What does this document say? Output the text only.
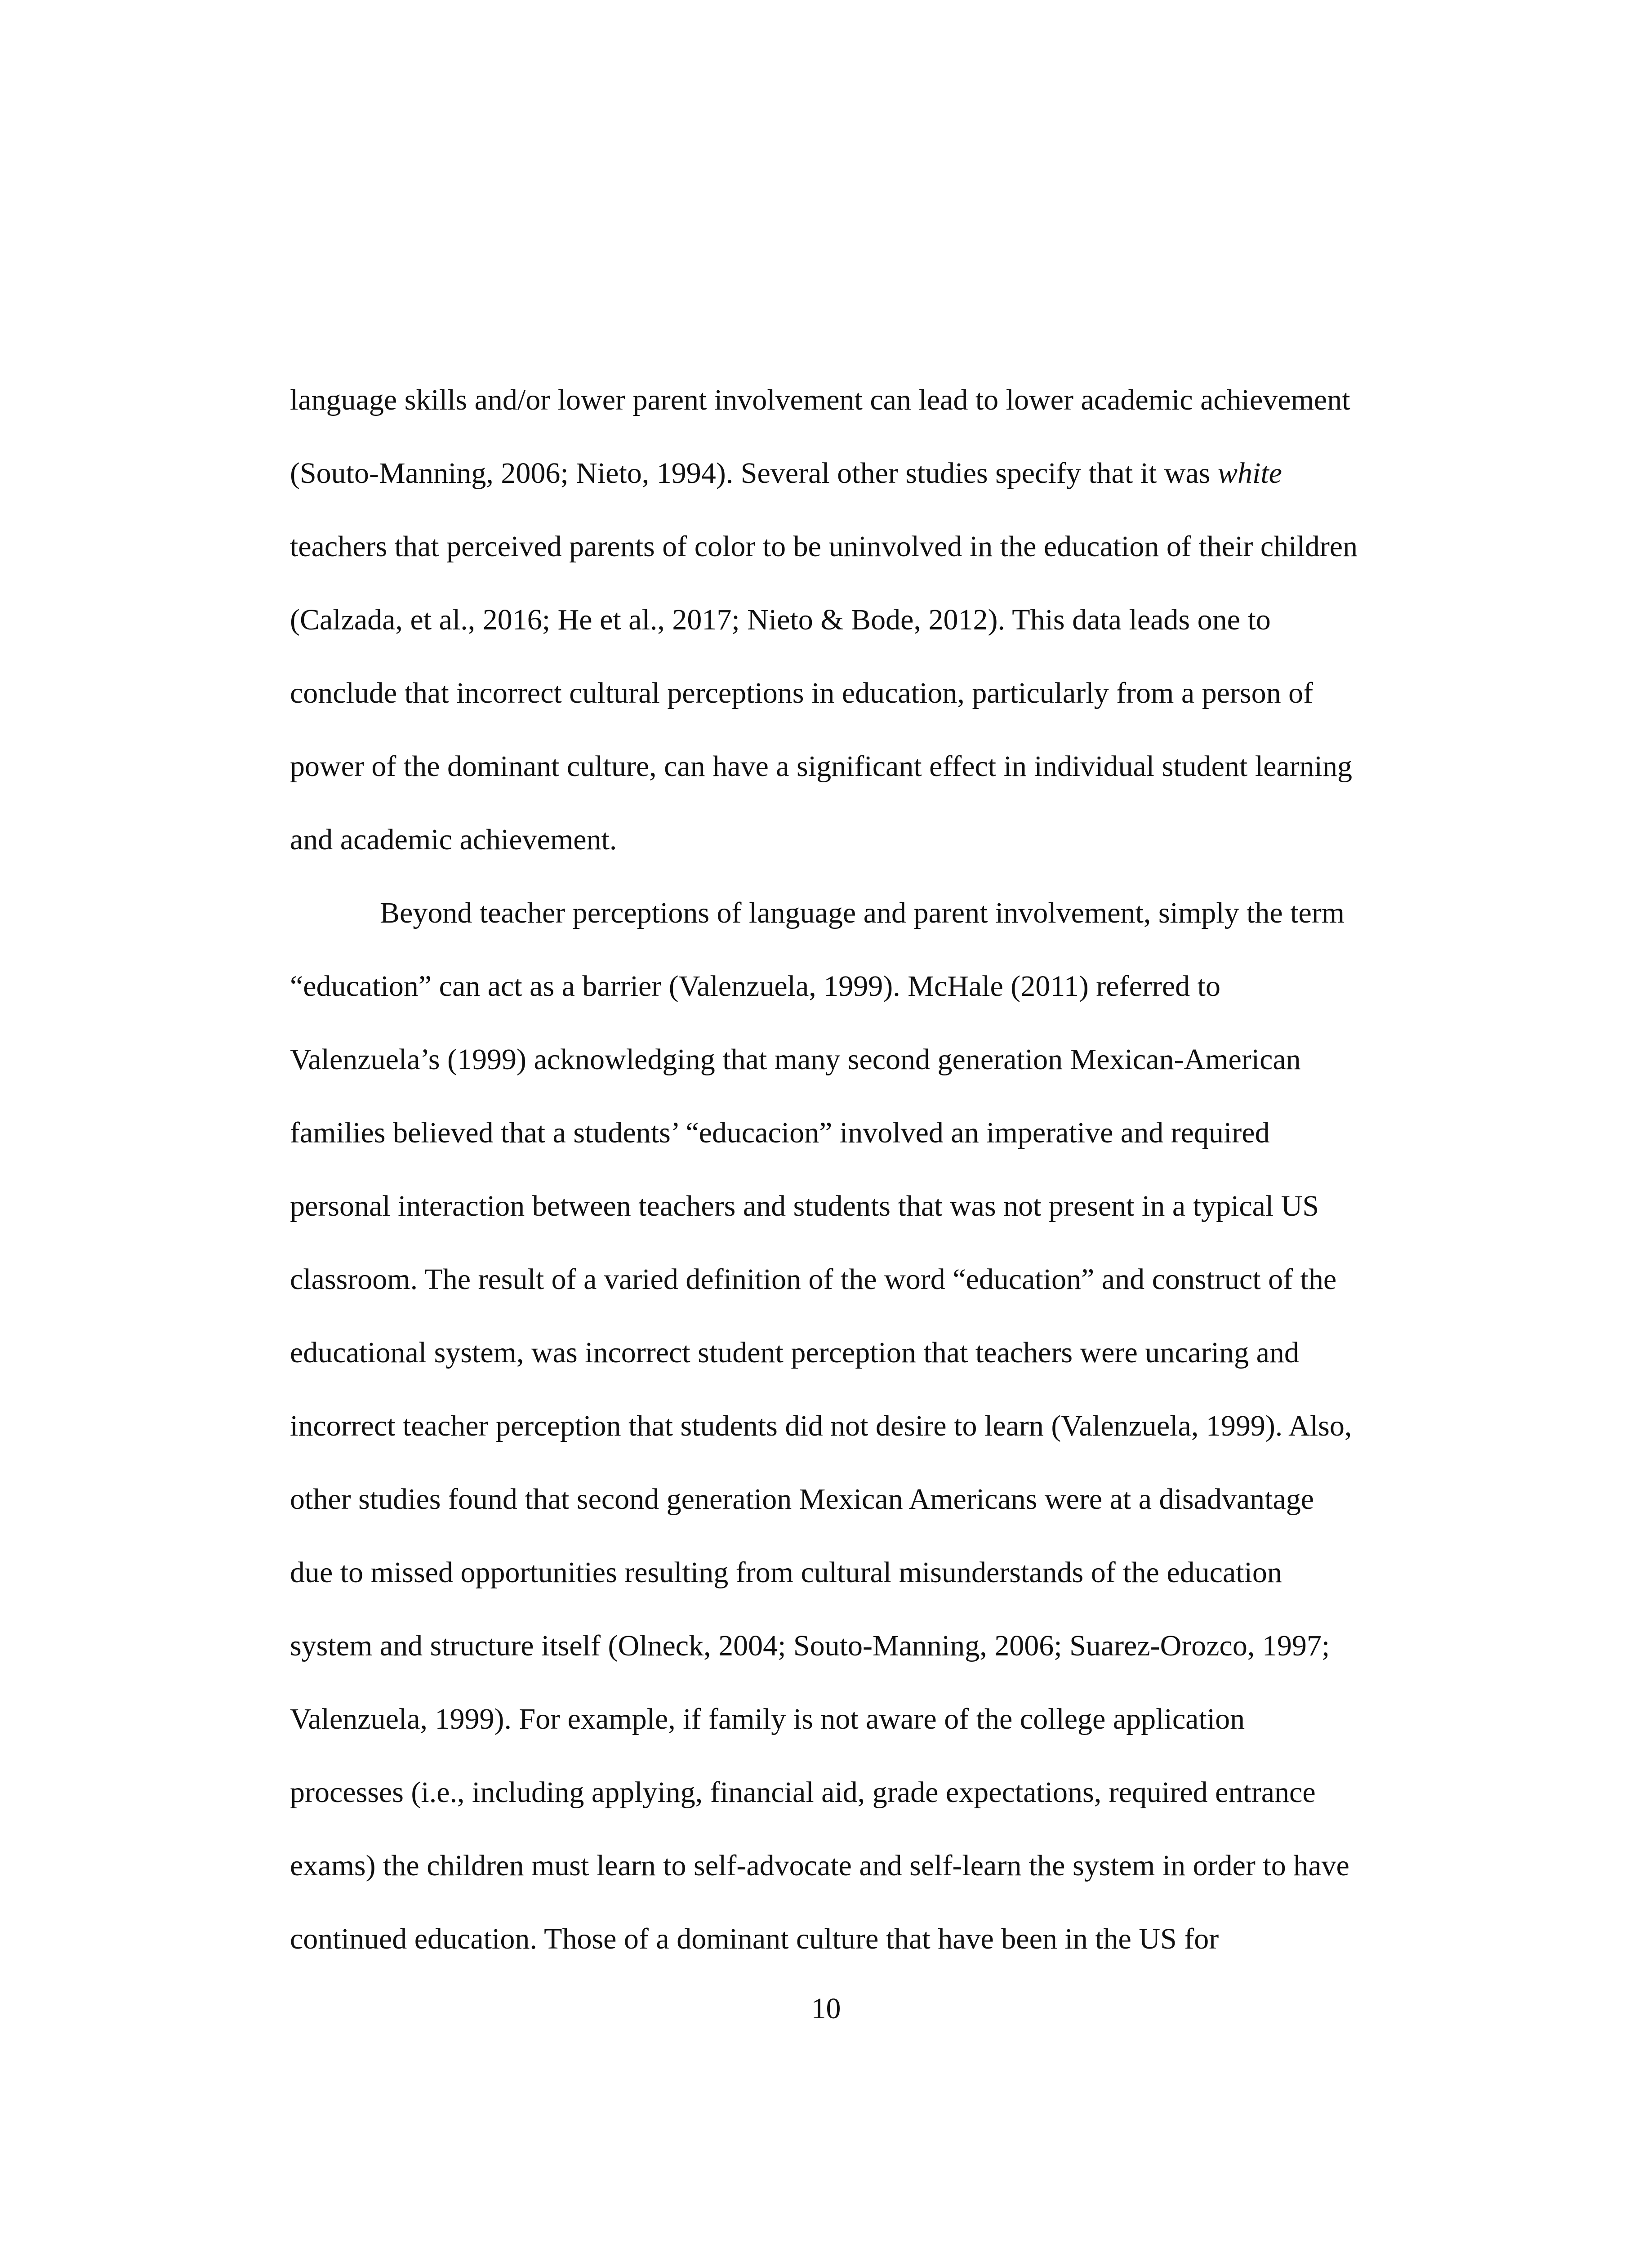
language skills and/or lower parent involvement can lead to lower academic achievement
(Souto-Manning, 2006; Nieto, 1994). Several other studies specify that it was white
teachers that perceived parents of color to be uninvolved in the education of their children
(Calzada, et al., 2016; He et al., 2017; Nieto & Bode, 2012). This data leads one to
conclude that incorrect cultural perceptions in education, particularly from a person of
power of the dominant culture, can have a significant effect in individual student learning
and academic achievement.
Beyond teacher perceptions of language and parent involvement, simply the term
“education” can act as a barrier (Valenzuela, 1999). McHale (2011) referred to
Valenzuela’s (1999) acknowledging that many second generation Mexican-American
families believed that a students’ “educacion” involved an imperative and required
personal interaction between teachers and students that was not present in a typical US
classroom. The result of a varied definition of the word “education” and construct of the
educational system, was incorrect student perception that teachers were uncaring and
incorrect teacher perception that students did not desire to learn (Valenzuela, 1999). Also,
other studies found that second generation Mexican Americans were at a disadvantage
due to missed opportunities resulting from cultural misunderstands of the education
system and structure itself (Olneck, 2004; Souto-Manning, 2006; Suarez-Orozco, 1997;
Valenzuela, 1999). For example, if family is not aware of the college application
processes (i.e., including applying, financial aid, grade expectations, required entrance
exams) the children must learn to self-advocate and self-learn the system in order to have
continued education. Those of a dominant culture that have been in the US for
10
